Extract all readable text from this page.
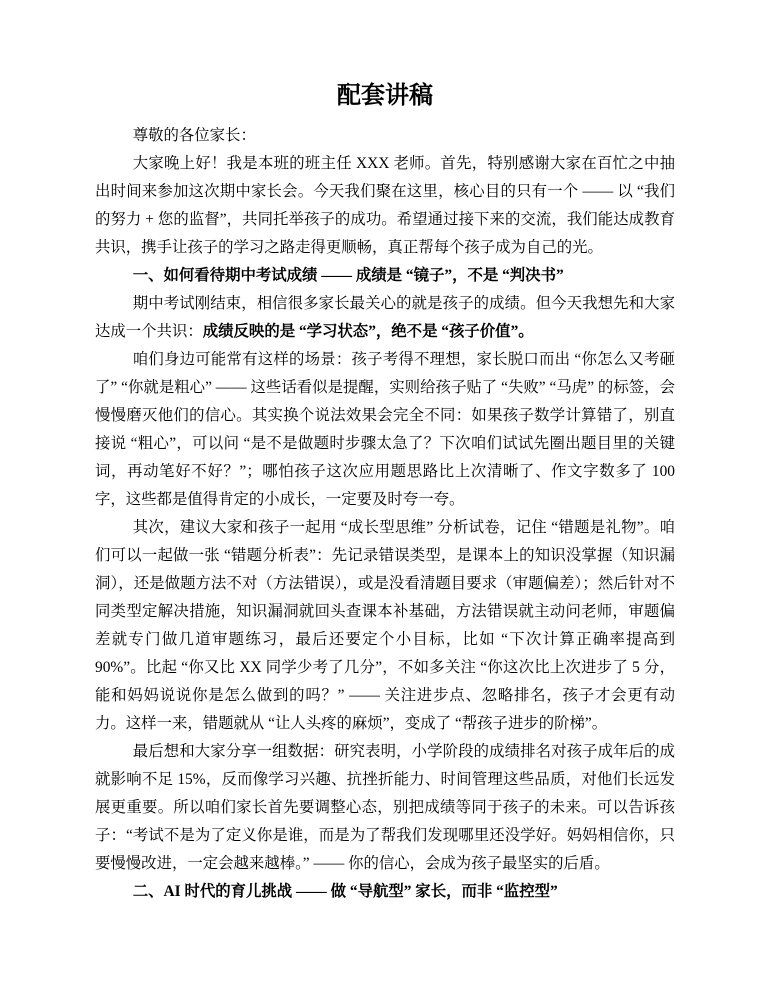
配套讲稿

尊敬的各位家长：

大家晚上好！我是本班的班主任 XXX 老师。首先，特别感谢大家在百忙之中抽出时间来参加这次期中家长会。今天我们聚在这里，核心目的只有一个 —— 以 “我们的努力 + 您的监督”，共同托举孩子的成功。希望通过接下来的交流，我们能达成教育共识，携手让孩子的学习之路走得更顺畅，真正帮每个孩子成为自己的光。

一、如何看待期中考试成绩 —— 成绩是 “镜子”，不是 “判决书”

期中考试刚结束，相信很多家长最关心的就是孩子的成绩。但今天我想先和大家达成一个共识：成绩反映的是 “学习状态”，绝不是 “孩子价值”。

咱们身边可能常有这样的场景：孩子考得不理想，家长脱口而出 “你怎么又考砸了” “你就是粗心” —— 这些话看似是提醒，实则给孩子贴了 “失败” “马虎” 的标签，会慢慢磨灭他们的信心。其实换个说法效果会完全不同：如果孩子数学计算错了，别直接说 “粗心”，可以问 “是不是做题时步骤太急了？下次咱们试试先圈出题目里的关键词，再动笔好不好？”；哪怕孩子这次应用题思路比上次清晰了、作文字数多了 100 字，这些都是值得肯定的小成长，一定要及时夸一夸。

其次，建议大家和孩子一起用 “成长型思维” 分析试卷，记住 “错题是礼物”。咱们可以一起做一张 “错题分析表”：先记录错误类型，是课本上的知识没掌握（知识漏洞），还是做题方法不对（方法错误），或是没看清题目要求（审题偏差）；然后针对不同类型定解决措施，知识漏洞就回头查课本补基础，方法错误就主动问老师，审题偏差就专门做几道审题练习，最后还要定个小目标，比如 “下次计算正确率提高到 90%”。比起 “你又比 XX 同学少考了几分”，不如多关注 “你这次比上次进步了 5 分，能和妈妈说说你是怎么做到的吗？” —— 关注进步点、忽略排名，孩子才会更有动力。这样一来，错题就从 “让人头疼的麻烦”，变成了 “帮孩子进步的阶梯”。

最后想和大家分享一组数据：研究表明，小学阶段的成绩排名对孩子成年后的成就影响不足 15%，反而像学习兴趣、抗挫折能力、时间管理这些品质，对他们长远发展更重要。所以咱们家长首先要调整心态，别把成绩等同于孩子的未来。可以告诉孩子：“考试不是为了定义你是谁，而是为了帮我们发现哪里还没学好。妈妈相信你，只要慢慢改进，一定会越来越棒。” —— 你的信心，会成为孩子最坚实的后盾。

二、AI 时代的育儿挑战 —— 做 “导航型” 家长，而非 “监控型”
